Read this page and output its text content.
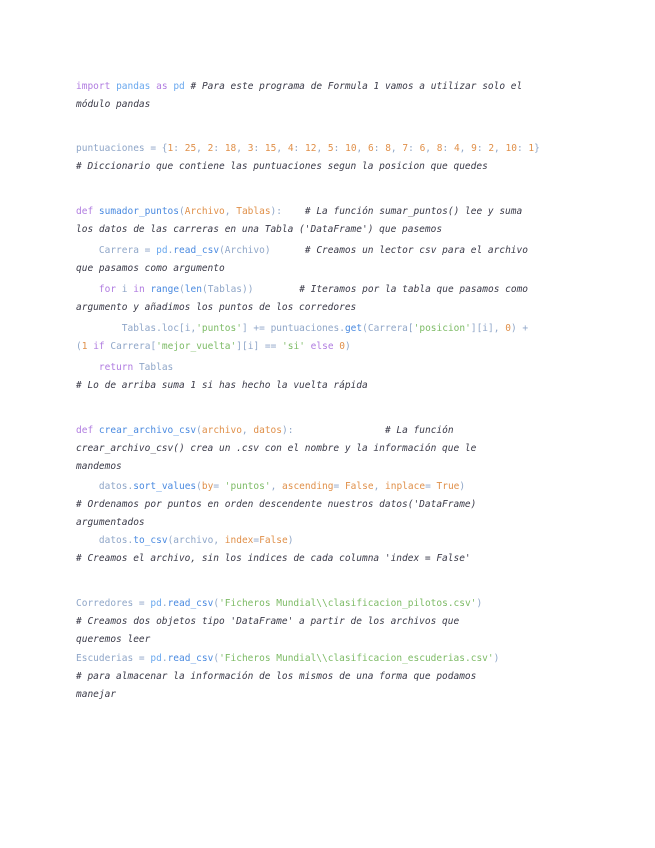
import pandas as pd # Para este programa de Formula 1 vamos a utilizar solo el
módulo pandas
puntuaciones = {1: 25, 2: 18, 3: 15, 4: 12, 5: 10, 6: 8, 7: 6, 8: 4, 9: 2, 10: 1}
# Diccionario que contiene las puntuaciones segun la posicion que quedes
def sumador_puntos(Archivo, Tablas):    # La función sumar_puntos() lee y suma
los datos de las carreras en una Tabla ('DataFrame') que pasemos
Carrera = pd.read_csv(Archivo)      # Creamos un lector csv para el archivo
que pasamos como argumento
for i in range(len(Tablas))        # Iteramos por la tabla que pasamos como
argumento y añadimos los puntos de los corredores
Tablas.loc[i,'puntos'] += puntuaciones.get(Carrera['posicion'][i], 0) +
(1 if Carrera['mejor_vuelta'][i] == 'si' else 0)
return Tablas
# Lo de arriba suma 1 si has hecho la vuelta rápida
def crear_archivo_csv(archivo, datos):                # La función
crear_archivo_csv() crea un .csv con el nombre y la información que le
mandemos
datos.sort_values(by= 'puntos', ascending= False, inplace= True)
# Ordenamos por puntos en orden descendente nuestros datos('DataFrame)
argumentados
datos.to_csv(archivo, index=False)
# Creamos el archivo, sin los indices de cada columna 'index = False'
Corredores = pd.read_csv('Ficheros Mundial\\clasificacion_pilotos.csv')
# Creamos dos objetos tipo 'DataFrame' a partir de los archivos que
queremos leer
Escuderias = pd.read_csv('Ficheros Mundial\\clasificacion_escuderias.csv')
# para almacenar la información de los mismos de una forma que podamos
manejar
